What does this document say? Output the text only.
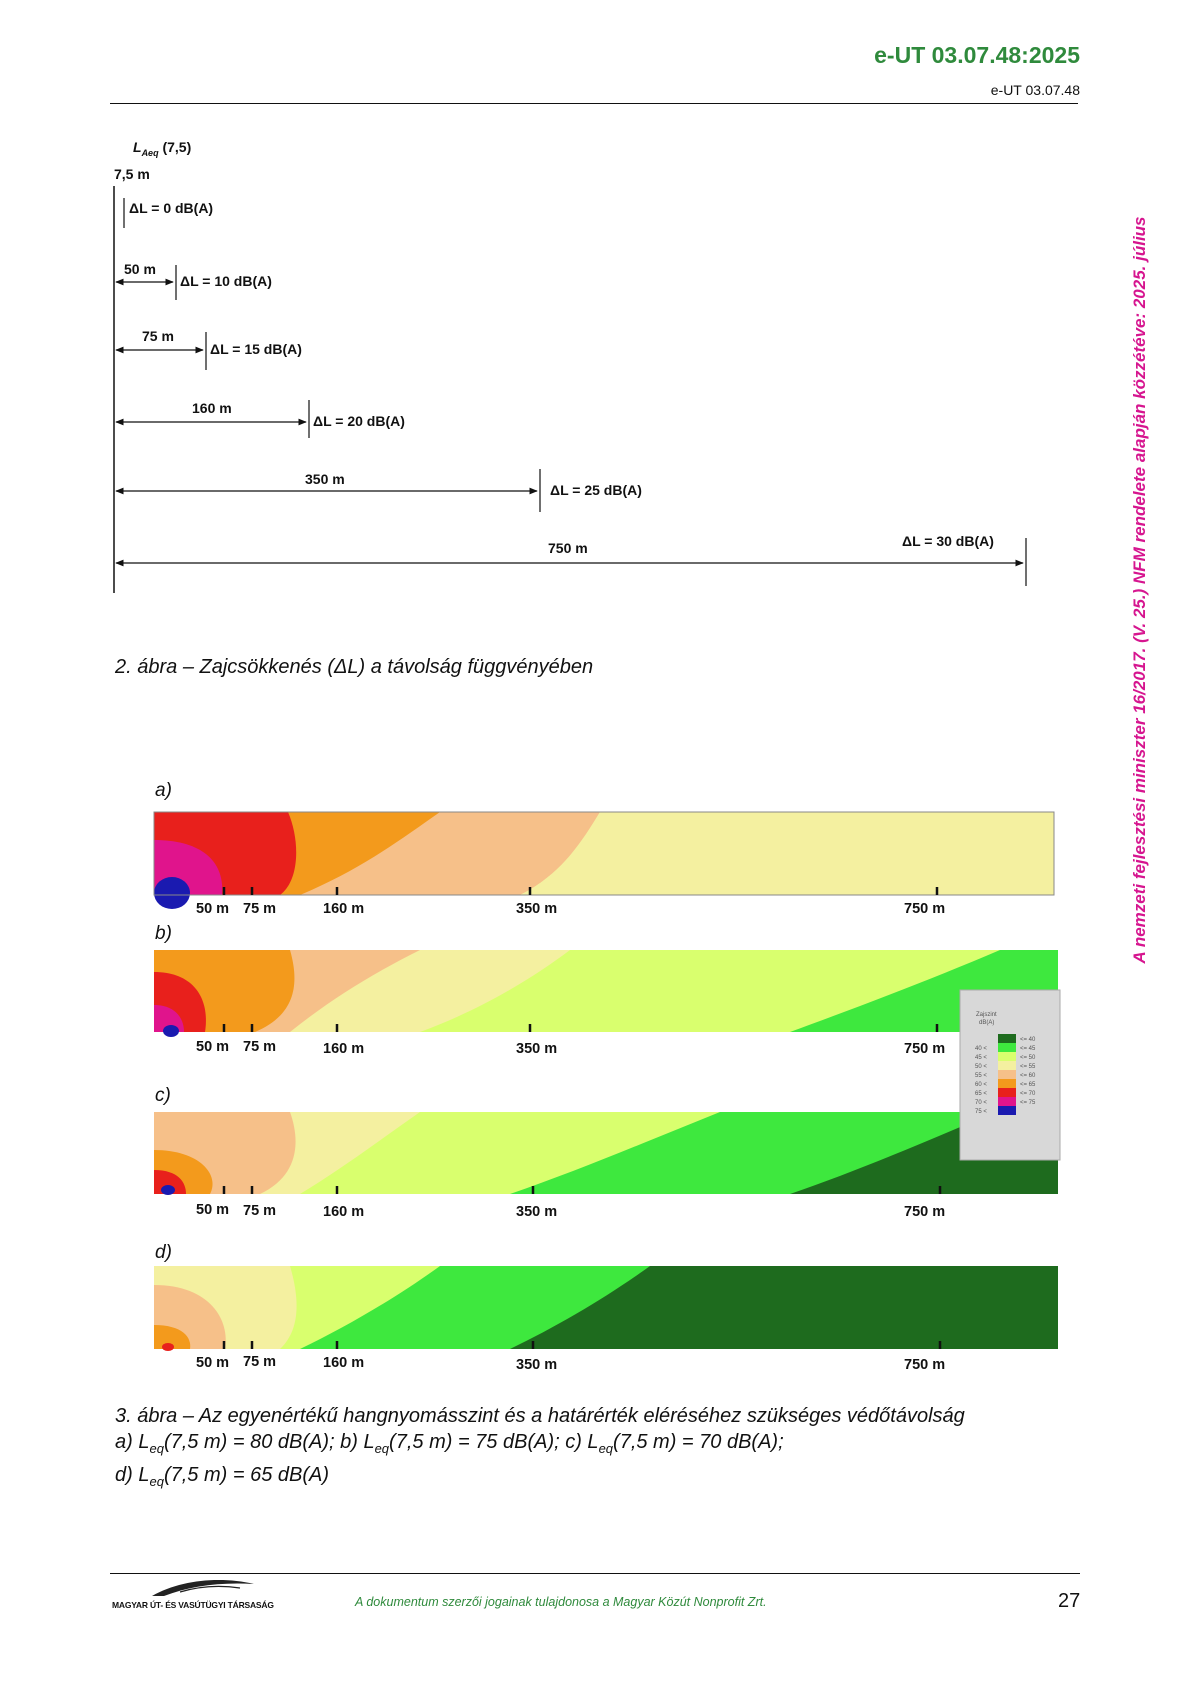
e-UT 03.07.48:2025
e-UT 03.07.48
A nemzeti fejlesztési miniszter 16/2017. (V. 25.) NFM rendelete alapján közzétéve: 2025. július
$L_{Aeq}$ (7,5)
7,5 m
ΔL = 0 dB(A)
50 m
ΔL = 10 dB(A)
75 m
ΔL = 15 dB(A)
160 m
ΔL = 20 dB(A)
350 m
ΔL = 25 dB(A)
750 m	ΔL = 30 dB(A)
2. ábra – Zajcsökkenés (ΔL) a távolság függvényében
a)
b)
c)
d)
50 m 75 m	160 m	350 m	750 m
50 m 75 m	160 m	350 m	750 m
50 m 75 m	160 m	350 m	750 m
50 m 75 m	160 m	350 m	750 m
Zajszint
dB(A)
<= 40
40 <	<= 45
45 <	<= 50
50 <	<= 55
55 <	<= 60
60 <	<= 65
65 <	<= 70
70 <	<= 75
75 <
3. ábra – Az egyenértékű hangnyomásszint és a határérték eléréséhez szükséges védőtávolság
a) $L_{eq}(7,5$ m) = 80 dB(A); b) $L_{eq}(7,5$ m) = 75 dB(A); c) $L_{eq}(7,5$ m) = 70 dB(A);
d) $L_{eq}(7,5$ m) = 65 dB(A)
MAGYAR ÚT- ÉS VASÚTÜGYI TÁRSASÁG	A dokumentum szerzői jogainak tulajdonosa a Magyar Közút Nonprofit Zrt.	27
